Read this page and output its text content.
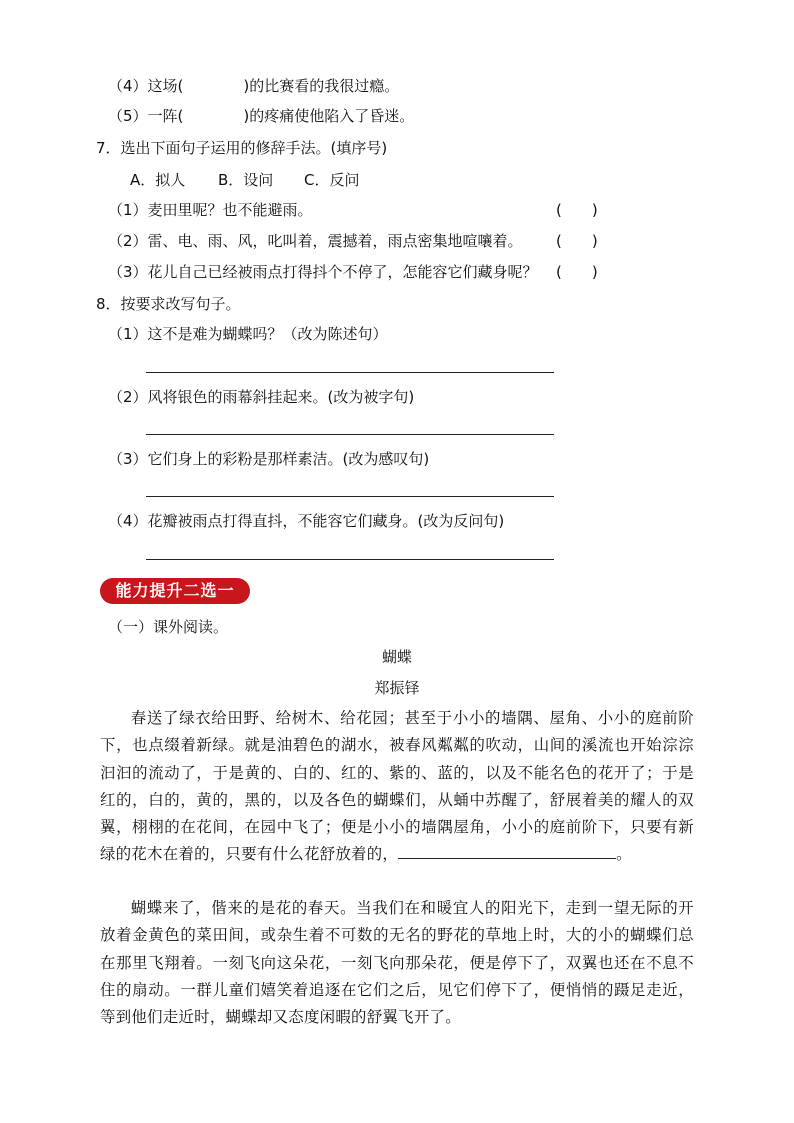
（4）这场(　　　　)的比赛看的我很过瘾。
（5）一阵(　　　　)的疼痛使他陷入了昏迷。
7．选出下面句子运用的修辞手法。(填序号)
A．拟人 B．设问 C．反问
（1）麦田里呢？也不能避雨。	(　　)
（2）雷、电、雨、风，叱叫着，震撼着，雨点密集地喧嚷着。 (　　)
（3）花儿自己已经被雨点打得抖个不停了，怎能容它们藏身呢？ (　　)
8．按要求改写句子。
（1）这不是难为蝴蝶吗？（改为陈述句）
（2）风将银色的雨幕斜挂起来。(改为被字句)
（3）它们身上的彩粉是那样素洁。(改为感叹句)
（4）花瓣被雨点打得直抖，不能容它们藏身。(改为反问句)
能力提升二选一
（一）课外阅读。
蝴蝶
郑振铎
春送了绿衣给田野、给树木、给花园；甚至于小小的墙隅、屋角、小小的庭前阶下，也点缀着新绿。就是油碧色的湖水，被春风粼粼的吹动，山间的溪流也开始淙淙汩汩的流动了，于是黄的、白的、红的、紫的、蓝的，以及不能名色的花开了；于是红的，白的，黄的，黑的，以及各色的蝴蝶们，从蛹中苏醒了，舒展着美的耀人的双翼，栩栩的在花间，在园中飞了；便是小小的墙隅屋角，小小的庭前阶下，只要有新绿的花木在着的，只要有什么花舒放着的，	。
蝴蝶来了，偕来的是花的春天。当我们在和暖宜人的阳光下，走到一望无际的开放着金黄色的菜田间，或杂生着不可数的无名的野花的草地上时，大的小的蝴蝶们总在那里飞翔着。一刻飞向这朵花，一刻飞向那朵花，便是停下了，双翼也还在不息不住的扇动。一群儿童们嬉笑着追逐在它们之后，见它们停下了，便悄悄的蹑足走近，等到他们走近时，蝴蝶却又态度闲暇的舒翼飞开了。
